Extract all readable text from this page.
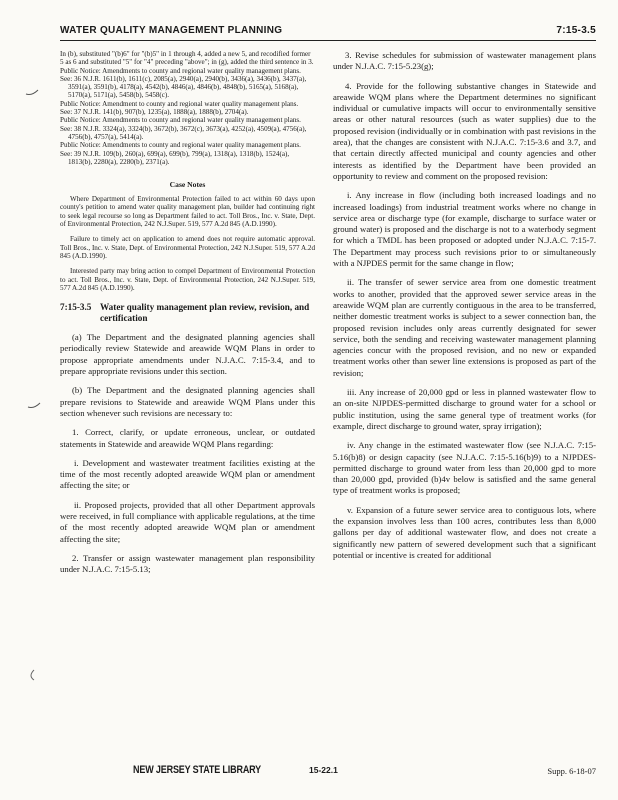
WATER QUALITY MANAGEMENT PLANNING	7:15-3.5

In (b), substituted "(b)6" for "(b)5" in 1 through 4, added a new 5, and recodified former 5 as 6 and substituted "5" for "4" preceding "above"; in (g), added the third sentence in 3.

Public Notice: Amendments to county and regional water quality management plans.

See: 36 N.J.R. 1611(b), 1611(c), 2085(a), 2940(a), 2940(b), 3436(a), 3436(b), 3437(a), 3591(a), 3591(b), 4178(a), 4542(b), 4846(a), 4846(b), 4848(b), 5165(a), 5168(a), 5170(a), 5171(a), 5458(b), 5458(c).

Public Notice: Amendment to county and regional water quality management plans.

See: 37 N.J.R. 141(b), 907(b), 1235(a), 1888(a), 1888(b), 2704(a).

Public Notice: Amendments to county and regional water quality management plans.

See: 38 N.J.R. 3324(a), 3324(b), 3672(b), 3672(c), 3673(a), 4252(a), 4509(a), 4756(a), 4756(b), 4757(a), 5414(a).

Public Notice: Amendments to county and regional water quality management plans.

See: 39 N.J.R. 109(b), 260(a), 699(a), 699(b), 799(a), 1318(a), 1318(b), 1524(a), 1813(b), 2280(a), 2280(b), 2371(a).

Case Notes

Where Department of Environmental Protection failed to act within 60 days upon county's petition to amend water quality management plan, builder had continuing right to seek legal recourse so long as Department failed to act. Toll Bros., Inc. v. State, Dept. of Environmental Protection, 242 N.J.Super. 519, 577 A.2d 845 (A.D.1990).

Failure to timely act on application to amend does not require automatic approval. Toll Bros., Inc. v. State, Dept. of Environmental Protection, 242 N.J.Super. 519, 577 A.2d 845 (A.D.1990).

Interested party may bring action to compel Department of Environmental Protection to act. Toll Bros., Inc. v. State, Dept. of Environmental Protection, 242 N.J.Super. 519, 577 A.2d 845 (A.D.1990).

7:15-3.5 Water quality management plan review, revision, and certification

(a) The Department and the designated planning agencies shall periodically review Statewide and areawide WQM Plans in order to propose appropriate amendments under N.J.A.C. 7:15-3.4, and to prepare appropriate revisions under this section.

(b) The Department and the designated planning agencies shall prepare revisions to Statewide and areawide WQM Plans under this section whenever such revisions are necessary to:

1. Correct, clarify, or update erroneous, unclear, or outdated statements in Statewide and areawide WQM Plans regarding:

i. Development and wastewater treatment facilities existing at the time of the most recently adopted areawide WQM plan or amendment affecting the site; or

ii. Proposed projects, provided that all other Department approvals were received, in full compliance with applicable regulations, at the time of the most recently adopted areawide WQM plan or amendment affecting the site;

2. Transfer or assign wastewater management plan responsibility under N.J.A.C. 7:15-5.13;

3. Revise schedules for submission of wastewater management plans under N.J.A.C. 7:15-5.23(g);

4. Provide for the following substantive changes in Statewide and areawide WQM plans where the Department determines no significant individual or cumulative impacts will occur to environmentally sensitive areas or other natural resources (such as water supplies) due to the proposed revision (individually or in combination with past revisions in the area), that the changes are consistent with N.J.A.C. 7:15-3.6 and 3.7, and that certain directly affected municipal and county agencies and other interests as identified by the Department have been provided an opportunity to review and comment on the proposed revision:

i. Any increase in flow (including both increased loadings and no increased loadings) from industrial treatment works where no change in service area or discharge type (for example, discharge to surface water or ground water) is proposed and the discharge is not to a waterbody segment for which a TMDL has been proposed or adopted under N.J.A.C. 7:15-7. The Department may process such revisions prior to or simultaneously with a NJPDES permit for the same change in flow;

ii. The transfer of sewer service area from one domestic treatment works to another, provided that the approved sewer service areas in the areawide WQM plan are currently contiguous in the area to be transferred, neither domestic treatment works is subject to a sewer connection ban, the proposed revision includes only areas currently designated for sewer service, both the sending and receiving wastewater management planning agencies concur with the proposed revision, and no new or expanded treatment works other than sewer line extensions is proposed as part of the revision;

iii. Any increase of 20,000 gpd or less in planned wastewater flow to an on-site NJPDES-permitted discharge to ground water for a school or public institution, using the same general type of treatment works (for example, direct discharge to ground water, spray irrigation);

iv. Any change in the estimated wastewater flow (see N.J.A.C. 7:15-5.16(b)8) or design capacity (see N.J.A.C. 7:15-5.16(b)9) to a NJPDES-permitted discharge to ground water from less than 20,000 gpd to more than 20,000 gpd, provided (b)4v below is satisfied and the same general type of treatment works is proposed;

v. Expansion of a future sewer service area to contiguous lots, where the expansion involves less than 100 acres, contributes less than 8,000 gallons per day of additional wastewater flow, and does not create a significantly new pattern of sewered development such that a significant potential or incentive is created for additional

NEW JERSEY STATE LIBRARY	15-22.1	Supp. 6-18-07
